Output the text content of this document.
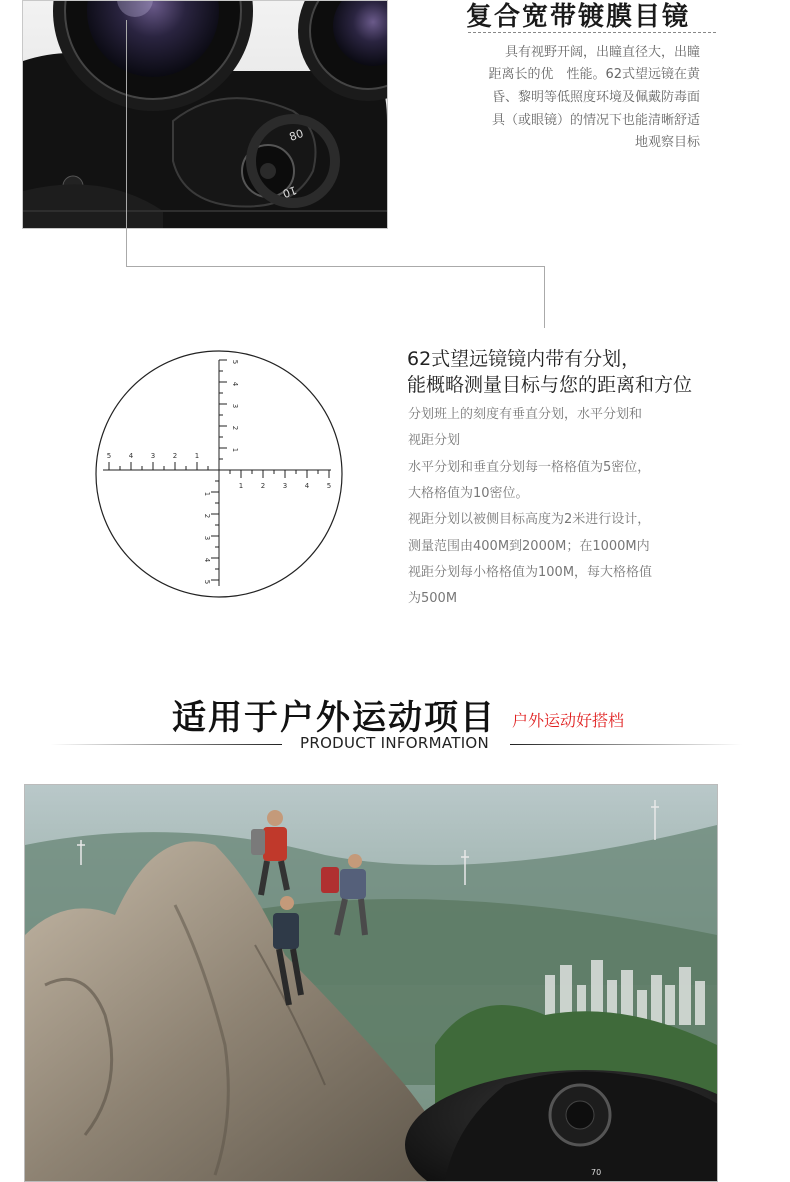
80
10
复合宽带镀膜目镜
具有视野开阔，出瞳直径大，出瞳
距离长的优　性能。62式望远镜在黄
昏、黎明等低照度环境及佩戴防毒面
具（或眼镜）的情况下也能清晰舒适
地观察目标
1
1
2
2
3
3
4
4
5
5
1
1
2
2
3
3
4
4
5
5
62式望远镜镜内带有分划，
能概略测量目标与您的距离和方位
分划班上的刻度有垂直分划，水平分划和
视距分划
水平分划和垂直分划每一格格值为5密位，
大格格值为10密位。
视距分划以被侧目标高度为2米进行设计，
测量范围由400M到2000M；在1000M内
视距分划每小格格值为100M，每大格格值
为500M
适用于户外运动项目 户外运动好搭档
PRODUCT INFORMATION
70
